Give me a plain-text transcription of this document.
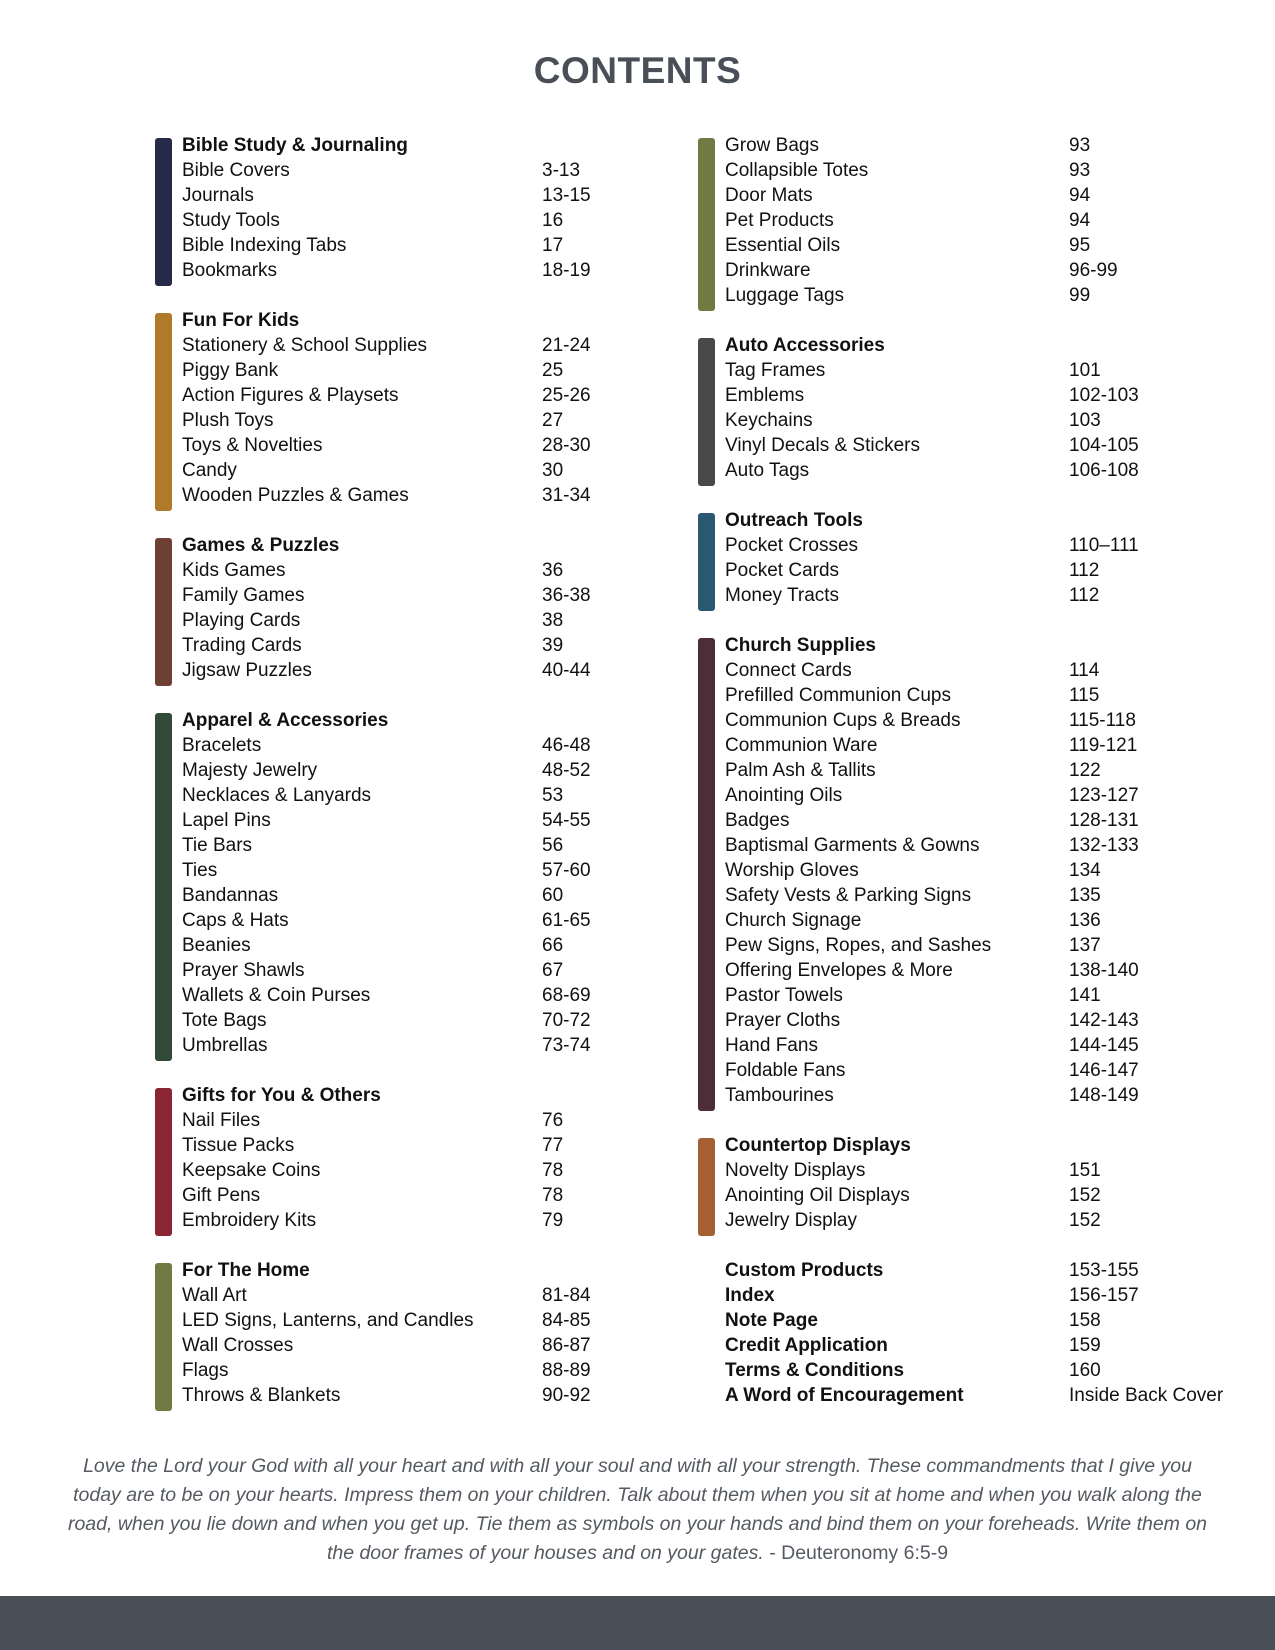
CONTENTS
Bible Study & Journaling
Bible Covers	3-13
Journals	13-15
Study Tools	16
Bible Indexing Tabs	17
Bookmarks	18-19
Fun For Kids
Stationery & School Supplies	21-24
Piggy Bank	25
Action Figures & Playsets	25-26
Plush Toys	27
Toys & Novelties	28-30
Candy	30
Wooden Puzzles & Games	31-34
Games & Puzzles
Kids Games	36
Family Games	36-38
Playing Cards	38
Trading Cards	39
Jigsaw Puzzles	40-44
Apparel & Accessories
Bracelets	46-48
Majesty Jewelry	48-52
Necklaces & Lanyards	53
Lapel Pins	54-55
Tie Bars	56
Ties	57-60
Bandannas	60
Caps & Hats	61-65
Beanies	66
Prayer Shawls	67
Wallets & Coin Purses	68-69
Tote Bags	70-72
Umbrellas	73-74
Gifts for You & Others
Nail Files	76
Tissue Packs	77
Keepsake Coins	78
Gift Pens	78
Embroidery Kits	79
For The Home
Wall Art	81-84
LED Signs, Lanterns, and Candles	84-85
Wall Crosses	86-87
Flags	88-89
Throws & Blankets	90-92
Grow Bags	93
Collapsible Totes	93
Door Mats	94
Pet Products	94
Essential Oils	95
Drinkware	96-99
Luggage Tags	99
Auto Accessories
Tag Frames	101
Emblems	102-103
Keychains	103
Vinyl Decals & Stickers	104-105
Auto Tags	106-108
Outreach Tools
Pocket Crosses	110–111
Pocket Cards	112
Money Tracts	112
Church Supplies
Connect Cards	114
Prefilled Communion Cups	115
Communion Cups & Breads	115-118
Communion Ware	119-121
Palm Ash & Tallits	122
Anointing Oils	123-127
Badges	128-131
Baptismal Garments & Gowns	132-133
Worship Gloves	134
Safety Vests & Parking Signs	135
Church Signage	136
Pew Signs, Ropes, and Sashes	137
Offering Envelopes & More	138-140
Pastor Towels	141
Prayer Cloths	142-143
Hand Fans	144-145
Foldable Fans	146-147
Tambourines	148-149
Countertop Displays
Novelty Displays	151
Anointing Oil Displays	152
Jewelry Display	152
Custom Products	153-155
Index	156-157
Note Page	158
Credit Application	159
Terms & Conditions	160
A Word of Encouragement	Inside Back Cover
Love the Lord your God with all your heart and with all your soul and with all your strength. These commandments that I give you today are to be on your hearts. Impress them on your children. Talk about them when you sit at home and when you walk along the road, when you lie down and when you get up. Tie them as symbols on your hands and bind them on your foreheads. Write them on the door frames of your houses and on your gates. - Deuteronomy 6:5-9
